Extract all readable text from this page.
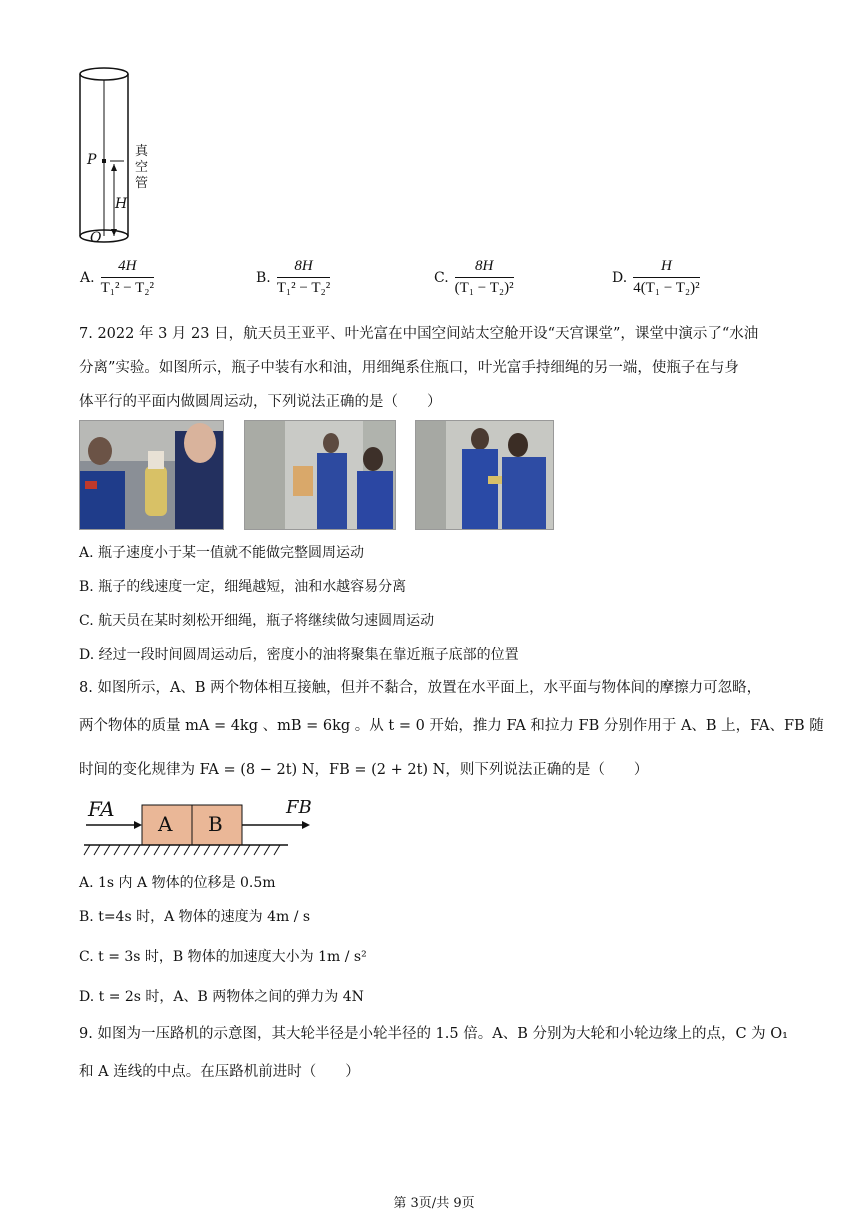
P
H
O
真空管
A. $\frac{4H}{\text{T₁² − T₂²}}$	B. $\frac{8H}{\text{T₁² − T₂²}}$	C. $\frac{8H}{\text{(T₁ − T₂)²}}$	D. $\frac{H}{\text{4(T₁ − T₂)²}}$
7. 2022 年 3 月 23 日，航天员王亚平、叶光富在中国空间站太空舱开设“天宫课堂”，课堂中演示了“水油
分离”实验。如图所示，瓶子中装有水和油，用细绳系住瓶口，叶光富手持细绳的另一端，使瓶子在与身
体平行的平面内做圆周运动，下列说法正确的是（　　）
A. 瓶子速度小于某一值就不能做完整圆周运动
B. 瓶子的线速度一定，细绳越短，油和水越容易分离
C. 航天员在某时刻松开细绳，瓶子将继续做匀速圆周运动
D. 经过一段时间圆周运动后，密度小的油将聚集在靠近瓶子底部的位置
8. 如图所示，A、B 两个物体相互接触，但并不黏合，放置在水平面上，水平面与物体间的摩擦力可忽略，
两个物体的质量 mA = 4kg 、mB = 6kg 。从 t = 0 开始，推力 FA 和拉力 FB 分别作用于 A、B 上，FA、FB 随
时间的变化规律为 FA = (8 − 2t) N，FB = (2 + 2t) N，则下列说法正确的是（　　）
FA	FB
A B
A. 1s 内 A 物体的位移是 0.5m
B. t=4s 时，A 物体的速度为 4m / s
C. t = 3s 时，B 物体的加速度大小为 1m / s²
D. t = 2s 时，A、B 两物体之间的弹力为 4N
9. 如图为一压路机的示意图，其大轮半径是小轮半径的 1.5 倍。A、B 分别为大轮和小轮边缘上的点，C 为 O₁
和 A 连线的中点。在压路机前进时（　　）
第 3页/共 9页
